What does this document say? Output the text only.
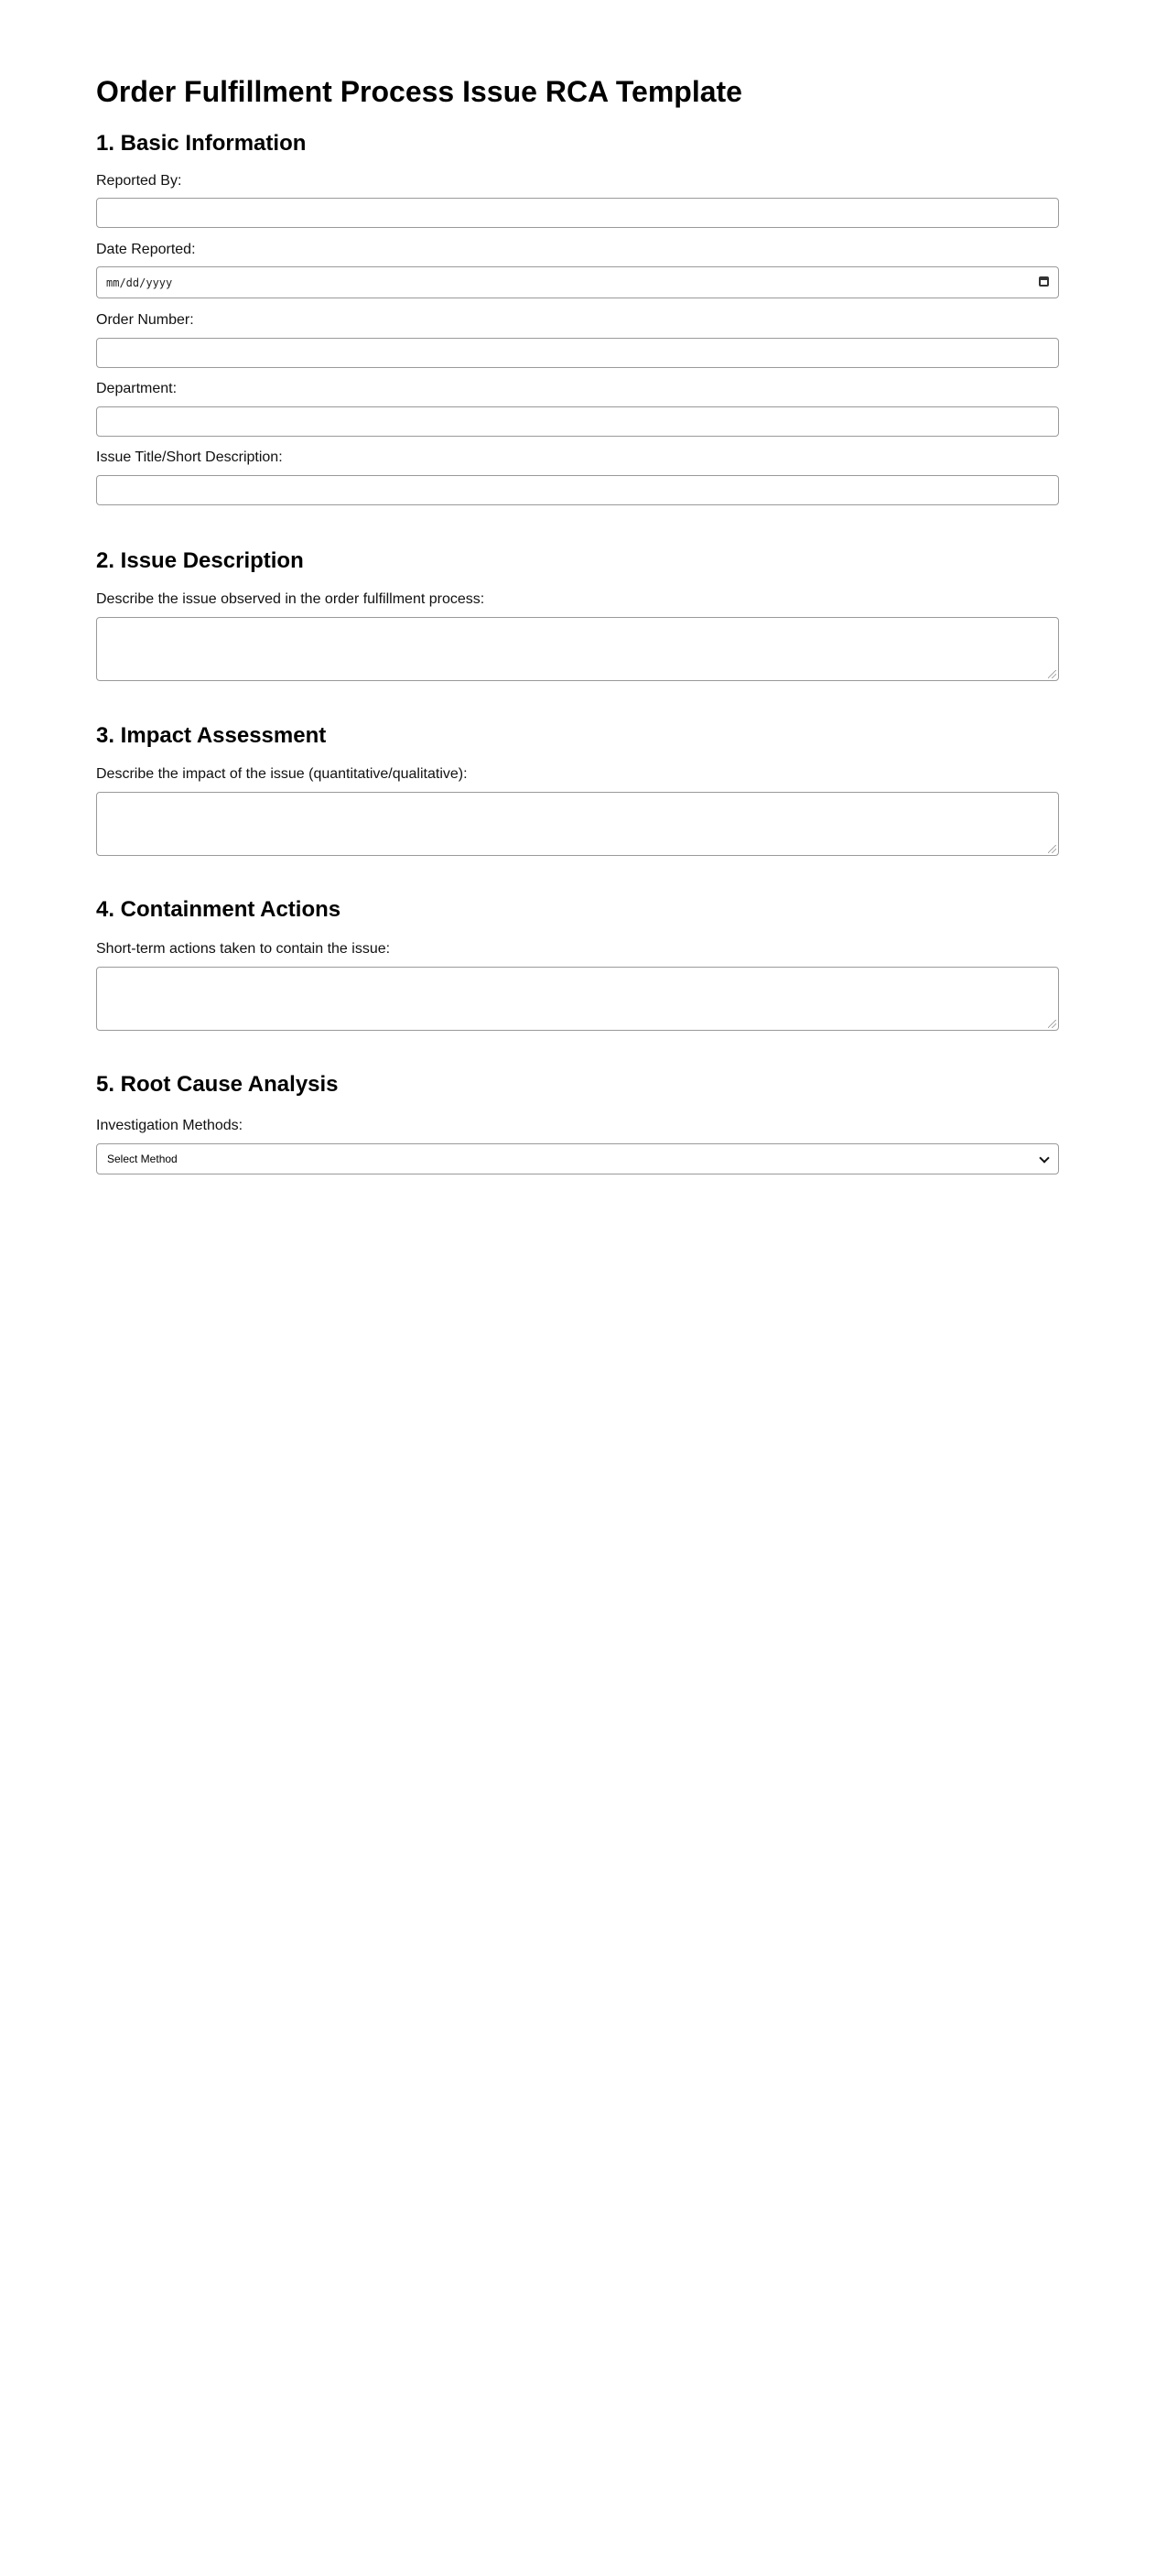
Order Fulfillment Process Issue RCA Template
1. Basic Information
Reported By:
Date Reported:
mm/dd/yyyy
Order Number:
Department:
Issue Title/Short Description:
2. Issue Description
Describe the issue observed in the order fulfillment process:
3. Impact Assessment
Describe the impact of the issue (quantitative/qualitative):
4. Containment Actions
Short-term actions taken to contain the issue:
5. Root Cause Analysis
Investigation Methods:
Select Method
